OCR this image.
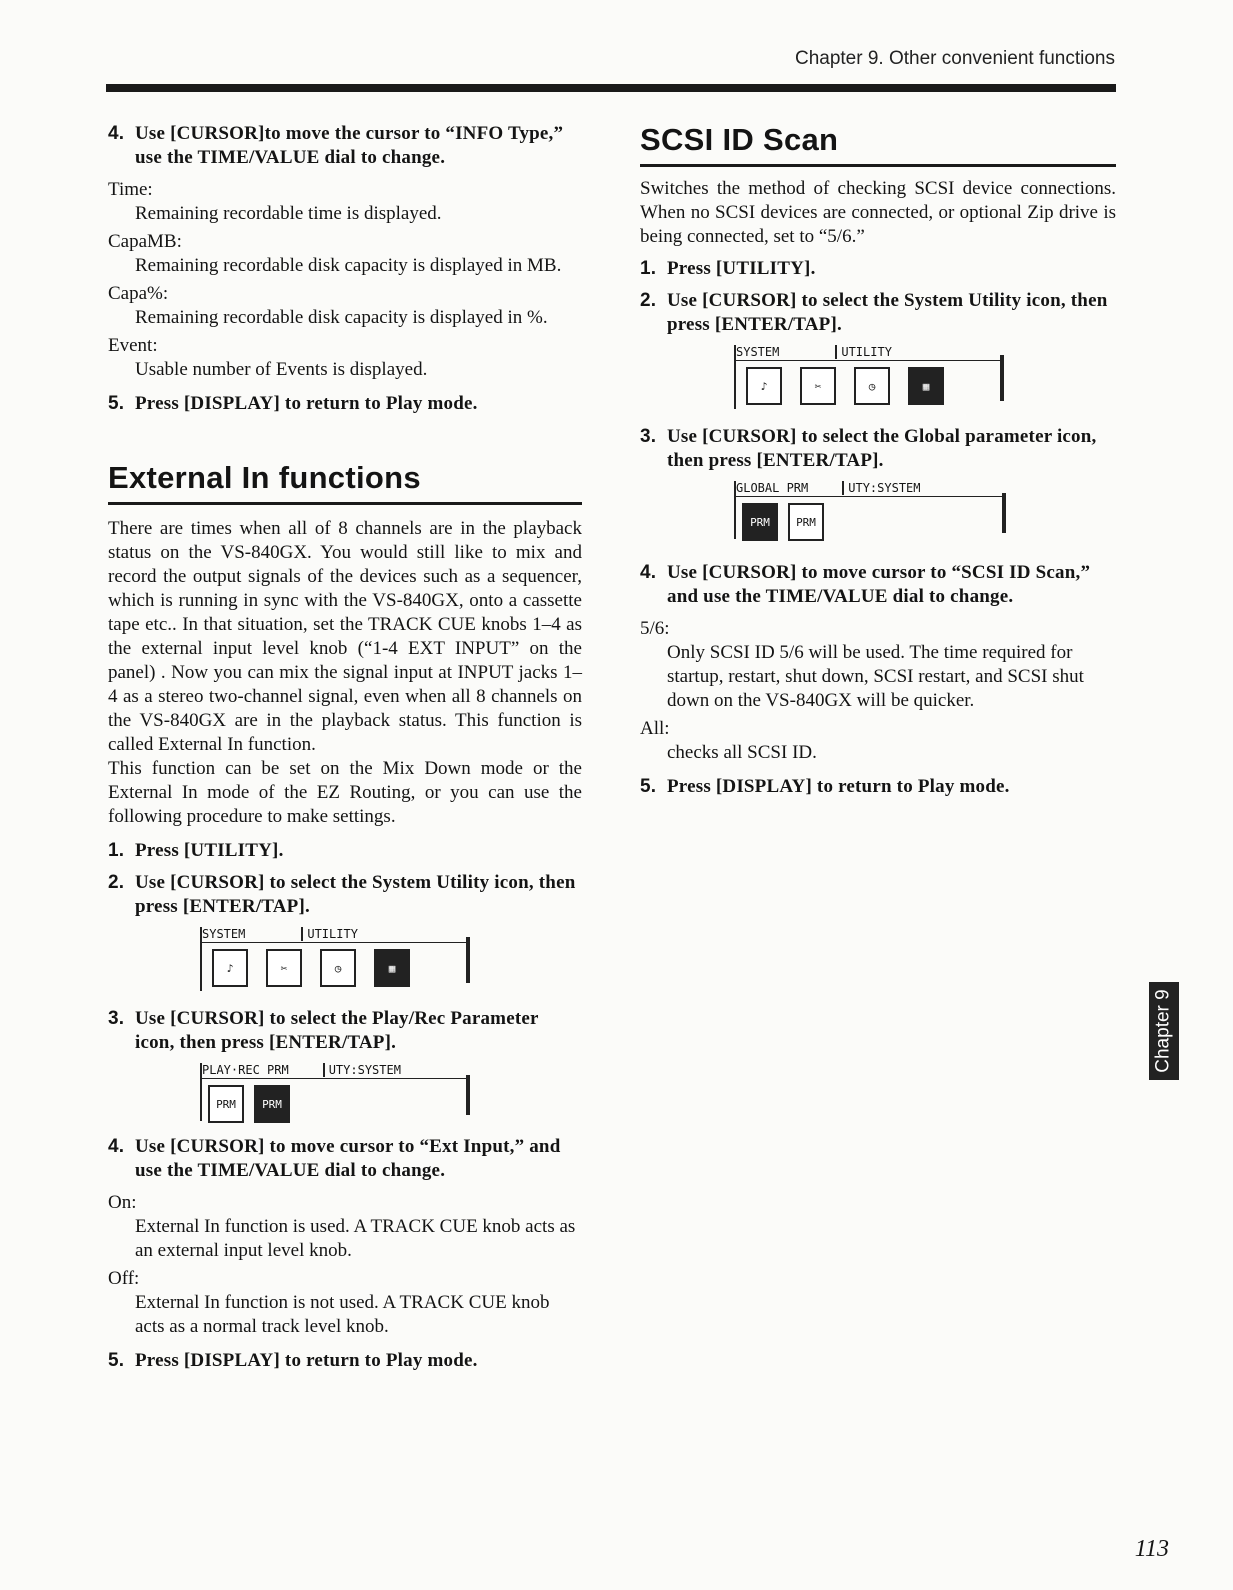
Chapter 9. Other convenient functions

4. Use [CURSOR]to move the cursor to “INFO Type,” use the TIME/VALUE dial to change.

Time:

Remaining recordable time is displayed.

CapaMB:

Remaining recordable disk capacity is displayed in MB.

Capa%:

Remaining recordable disk capacity is displayed in %.

Event:

Usable number of Events is displayed.

5. Press [DISPLAY] to return to Play mode.

External In functions

There are times when all of 8 channels are in the playback status on the VS-840GX. You would still like to mix and record the output signals of the devices such as a sequencer, which is running in sync with the VS-840GX, onto a cassette tape etc.. In that situation, set the TRACK CUE knobs 1–4 as the external input level knob (“1-4 EXT INPUT” on the panel) . Now you can mix the signal input at INPUT jacks 1–4 as a stereo two-channel signal, even when all 8 channels on the VS-840GX are in the playback status. This function is called External In function.

This function can be set on the Mix Down mode or the External In mode of the EZ Routing, or you can use the following procedure to make settings.

1. Press [UTILITY].

2. Use [CURSOR] to select the System Utility icon, then press [ENTER/TAP].

SYSTEM	UTILITY
♪	✂	◷	▦

3. Use [CURSOR] to select the Play/Rec Parameter icon, then press [ENTER/TAP].

PLAY·REC PRM	UTY:SYSTEM
PRM PRM

4. Use [CURSOR] to move cursor to “Ext Input,” and use the TIME/VALUE dial to change.

On:

External In function is used. A TRACK CUE knob acts as an external input level knob.

Off:

External In function is not used. A TRACK CUE knob acts as a normal track level knob.

5. Press [DISPLAY] to return to Play mode.

SCSI ID Scan

Switches the method of checking SCSI device connections. When no SCSI devices are connected, or optional Zip drive is being connected, set to “5/6.”

1. Press [UTILITY].

2. Use [CURSOR] to select the System Utility icon, then press [ENTER/TAP].

SYSTEM	UTILITY
♪	✂	◷	▦

3. Use [CURSOR] to select the Global parameter icon, then press [ENTER/TAP].

GLOBAL PRM	UTY:SYSTEM
PRM PRM

4. Use [CURSOR] to move cursor to “SCSI ID Scan,” and use the TIME/VALUE dial to change.

5/6:

Only SCSI ID 5/6 will be used. The time required for startup, restart, shut down, SCSI restart, and SCSI shut down on the VS-840GX will be quicker.

All:

checks all SCSI ID.

5. Press [DISPLAY] to return to Play mode.

Chapter 9
113
